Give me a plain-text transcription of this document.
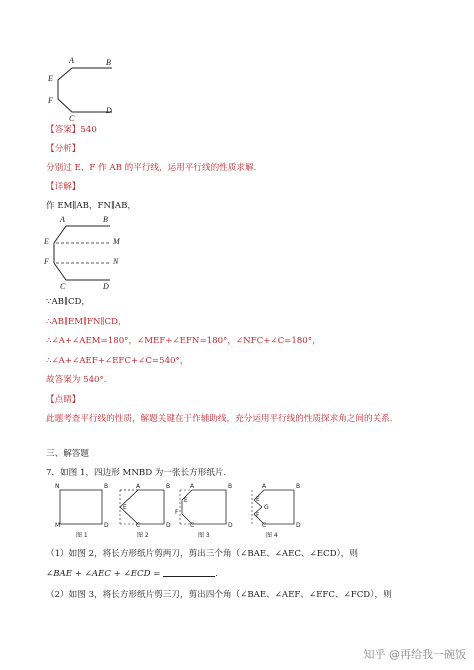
A	B
E
F
C
D
【答案】540
【分析】
分别过 E、F 作 AB 的平行线，运用平行线的性质求解.
【详解】
作 EM∥AB，FN∥AB，
A	B
E	M
F	N
C	D
∵AB∥CD，
∴AB∥EM∥FN∥CD，
∴∠A+∠AEM=180°，∠MEF+∠EFN=180°，∠NFC+∠C=180°，
∴∠A+∠AEF+∠EFC+∠C=540°，
故答案为 540°.
【点睛】
此题考查平行线的性质，解题关键在于作辅助线，充分运用平行线的性质探求角之间的关系.
三、解答题
7．如图 1，四边形 MNBD 为一张长方形纸片.
N	B
M	D
A	B
E
C	D
A	B
E
F
C	D
A	B
E
G
F
C	D
图 1	图 2	图 3	图 4
（1）如图 2，将长方形纸片剪两刀，剪出三个角（∠BAE、∠AEC、∠ECD），则
∠BAE + ∠AEC + ∠ECD =	.
（2）如图 3，将长方形纸片剪三刀，剪出四个角（∠BAE、∠AEF、∠EFC、∠FCD），则
知乎 @再给我一碗饭
